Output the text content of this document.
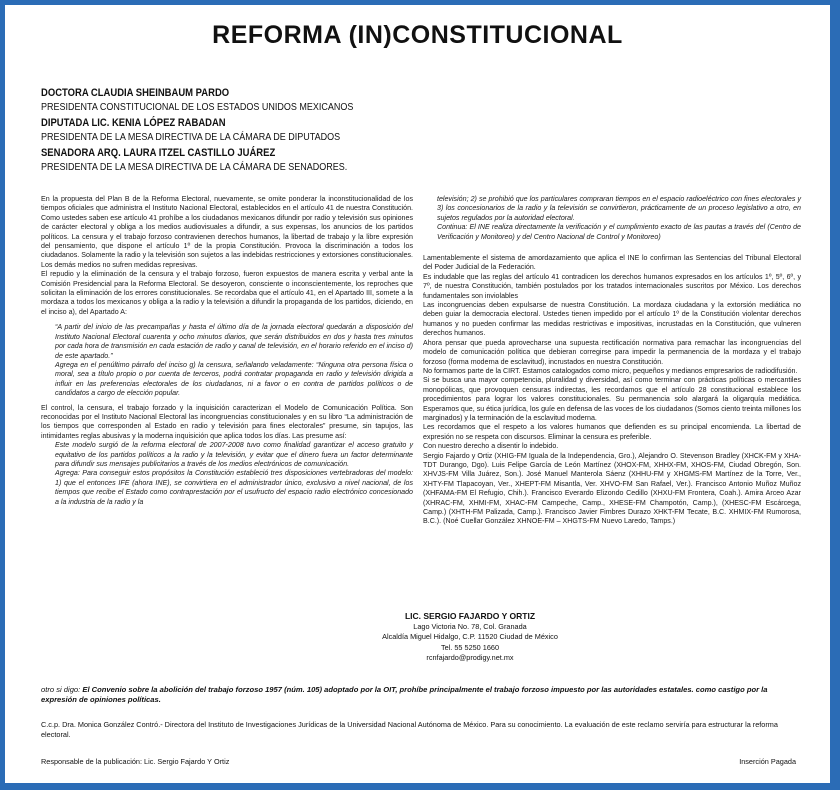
REFORMA (IN)CONSTITUCIONAL
DOCTORA CLAUDIA SHEINBAUM PARDO
PRESIDENTA CONSTITUCIONAL DE LOS ESTADOS UNIDOS MEXICANOS
DIPUTADA LIC. KENIA LÓPEZ RABADAN
PRESIDENTA DE LA MESA DIRECTIVA DE LA CÁMARA DE DIPUTADOS
SENADORA ARQ. LAURA ITZEL CASTILLO JUÁREZ
PRESIDENTA DE LA MESA DIRECTIVA DE LA CÁMARA DE SENADORES.

En la propuesta del Plan B de la Reforma Electoral, nuevamente, se omite ponderar la inconstitucionalidad de los tiempos oficiales que administra el Instituto Nacional Electoral, establecidos en el artículo 41 de nuestra Constitución. Como ustedes saben ese artículo 41 prohíbe a los ciudadanos mexicanos difundir por radio y televisión sus opiniones de carácter electoral y obliga a los medios audiovisuales a difundir, a sus expensas, los anuncios de los partidos políticos. La censura y el trabajo forzoso contravienen derechos humanos, la libertad de trabajo y la libre expresión del pensamiento, que dispone el artículo 1º de la propia Constitución. Provoca la discriminación a todos los ciudadanos. Solamente la radio y la televisión son sujetos a las indebidas restricciones y extorsiones constitucionales. Los demás medios no sufren medidas represivas.

El repudio y la eliminación de la censura y el trabajo forzoso, fueron expuestos de manera escrita y verbal ante la Comisión Presidencial para la Reforma Electoral. Se desoyeron, consciente o inconscientemente, los reproches que solicitan la eliminación de los errores constitucionales. Se recordaba que el artículo 41, en el Apartado III, somete a la mordaza a todos los mexicanos y obliga a la radio y la televisión a difundir la propaganda de los partidos, diciendo, en el inciso a), del Apartado A:

“A partir del inicio de las precampañas y hasta el último día de la jornada electoral quedarán a disposición del Instituto Nacional Electoral cuarenta y ocho minutos diarios, que serán distribuidos en dos y hasta tres minutos por cada hora de transmisión en cada estación de radio y canal de televisión, en el horario referido en el inciso d) de este apartado.”

Agrega en el penúltimo párrafo del inciso g) la censura, señalando veladamente: “Ninguna otra persona física o moral, sea a título propio o por cuenta de terceros, podrá contratar propaganda en radio y televisión dirigida a influir en las preferencias electorales de los ciudadanos, ni a favor o en contra de partidos políticos o de candidatos a cargo de elección popular.

El control, la censura, el trabajo forzado y la inquisición caracterizan el Modelo de Comunicación Política. Son reconocidas por el Instituto Nacional Electoral las incongruencias constitucionales y en su libro “La administración de los tiempos que corresponden al Estado en radio y televisión para fines electorales” presume, sin tapujos, las intimidantes reglas abusivas y la moderna inquisición que aplica todos los días. Las presume así:

Este modelo surgió de la reforma electoral de 2007-2008 tuvo como finalidad garantizar el acceso gratuito y equitativo de los partidos políticos a la radio y la televisión, y evitar que el dinero fuera un factor determinante para difundir sus mensajes publicitarios a través de los medios electrónicos de comunicación.

Agrega: Para conseguir estos propósitos la Constitución estableció tres disposiciones vertebradoras del modelo: 1) que el entonces IFE (ahora INE), se convirtiera en el administrador único, exclusivo a nivel nacional, de los tiempos que recibe el Estado como contraprestación por el usufructo del espacio radio electrónico concesionado a la industria de la radio y la

televisión; 2) se prohibió que los particulares compraran tiempos en el espacio radioeléctrico con fines electorales y 3) los concesionarios de la radio y la televisión se convirtieron, prácticamente de un proceso legislativo a otro, en sujetos regulados por la autoridad electoral.

Continua: El INE realiza directamente la verificación y el cumplimiento exacto de las pautas a través del (Centro de Verificación y Monitoreo) y del Centro Nacional de Control y Monitoreo)

Lamentablemente el sistema de amordazamiento que aplica el INE lo confirman las Sentencias del Tribunal Electoral del Poder Judicial de la Federación.

Es indudable que las reglas del artículo 41 contradicen los derechos humanos expresados en los artículos 1º, 5º, 6º, y 7º, de nuestra Constitución, también postulados por los tratados internacionales suscritos por México. Los derechos fundamentales son inviolables

Las incongruencias deben expulsarse de nuestra Constitución. La mordaza ciudadana y la extorsión mediática no deben guiar la democracia electoral. Ustedes tienen impedido por el artículo 1º de la Constitución violentar derechos humanos y no pueden confirmar las medidas restrictivas e impositivas, incrustadas en la Constitución, que vulneren derechos humanos.

Ahora pensar que pueda aprovecharse una supuesta rectificación normativa para remachar las incongruencias del modelo de comunicación política que debieran corregirse para impedir la permanencia de la mordaza y el trabajo forzoso (forma moderna de esclavitud), incrustados en nuestra Constitución.

No formamos parte de la CIRT. Estamos catalogados como micro, pequeños y medianos empresarios de radiodifusión.

Si se busca una mayor competencia, pluralidad y diversidad, así como terminar con prácticas políticas o mercantiles monopólicas, que provoquen censuras indirectas, les recordamos que el artículo 28 constitucional establece los procedimientos para lograr los valores constitucionales. Su permanencia solo alargará la oligarquía mediática. Esperamos que, su ética jurídica, los guíe en defensa de las voces de los ciudadanos (Somos ciento treinta millones los marginados) y la terminación de la esclavitud moderna.

Les recordamos que el respeto a los valores humanos que defienden es su principal encomienda. La libertad de expresión no se respeta con discursos. Eliminar la censura es preferible.

Con nuestro derecho a disentir lo indebido.

Sergio Fajardo y Ortiz (XHIG-FM Iguala de la Independencia, Gro.), Alejandro O. Stevenson Bradley (XHCK-FM y XHA-TDT Durango, Dgo). Luis Felipe García de León Martínez (XHOX-FM, XHHX-FM, XHOS-FM, Ciudad Obregón, Son. XHVJS-FM Villa Juárez, Son.). José Manuel Manterola Sáenz (XHHU-FM y XHGMS-FM Martínez de la Torre, Ver., XHTY-FM Tlapacoyan, Ver., XHEPT-FM Misantla, Ver. XHVO-FM San Rafael, Ver.). Francisco Antonio Muñoz Muñoz (XHFAMA-FM El Refugio, Chih.). Francisco Everardo Elizondo Cedillo (XHXU-FM Frontera, Coah.). Amira Arceo Azar (XHRAC-FM, XHMI-FM, XHAC-FM Campeche, Camp., XHESE-FM Champotón, Camp.), (XHESC-FM Escárcega, Camp.) (XHTH-FM Palizada, Camp.). Francisco Javier Fimbres Durazo XHKT-FM Tecate, B.C. XHMIX-FM Rumorosa, B.C.). (Noé Cuellar González XHNOE-FM – XHGTS-FM Nuevo Laredo, Tamps.)

LIC. SERGIO FAJARDO Y ORTIZ
Lago Victoria No. 78, Col. Granada
Alcaldía Miguel Hidalgo, C.P. 11520 Ciudad de México
Tel. 55 5250 1660
rcnfajardo@prodigy.net.mx
otro si digo: El Convenio sobre la abolición del trabajo forzoso 1957 (núm. 105) adoptado por la OIT, prohíbe principalmente el trabajo forzoso impuesto por las autoridades estatales. como castigo por la expresión de opiniones políticas.
C.c.p. Dra. Monica González Contró.- Directora del Instituto de Investigaciones Jurídicas de la Universidad Nacional Autónoma de México. Para su conocimiento. La evaluación de este reclamo serviría para estructurar la reforma electoral.
Responsable de la publicación: Lic. Sergio Fajardo Y Ortiz	Inserción Pagada
